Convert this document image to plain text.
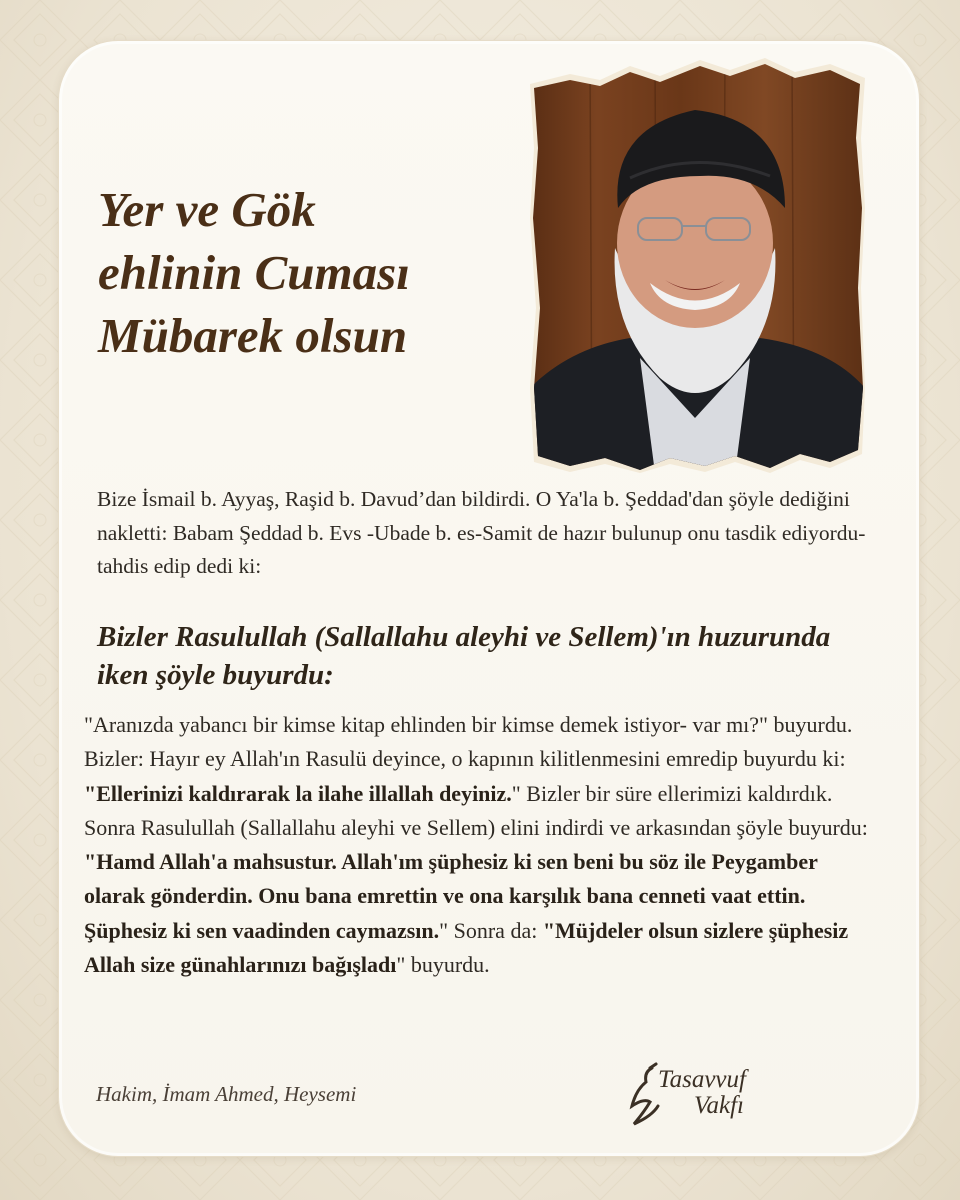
Yer ve Gök
ehlinin Cuması
Mübarek olsun

Bize İsmail b. Ayyaş, Raşid b. Davud’dan bildirdi. O Ya'la b. Şeddad'dan şöyle dediğini nakletti: Babam Şeddad b. Evs -Ubade b. es-Samit de hazır bulunup onu tasdik ediyordu- tahdis edip dedi ki:

Bizler Rasulullah (Sallallahu aleyhi ve Sellem)'ın huzurunda iken şöyle buyurdu:

"Aranızda yabancı bir kimse kitap ehlinden bir kimse demek istiyor- var mı?" buyurdu. Bizler: Hayır ey Allah'ın Rasulü deyince, o kapının kilitlenmesini emredip buyurdu ki: "Ellerinizi kaldırarak la ilahe illallah deyiniz." Bizler bir süre ellerimizi kaldırdık. Sonra Rasulullah (Sallallahu aleyhi ve Sellem) elini indirdi ve arkasından şöyle buyurdu: "Hamd Allah'a mahsustur. Allah'ım şüphesiz ki sen beni bu söz ile Peygamber olarak gönderdin. Onu bana emrettin ve ona karşılık bana cenneti vaat ettin. Şüphesiz ki sen vaadinden caymazsın." Sonra da: "Müjdeler olsun sizlere şüphesiz Allah size günahlarınızı bağışladı" buyurdu.

Hakim, İmam Ahmed, Heysemi

Tasavvuf
Vakfı
